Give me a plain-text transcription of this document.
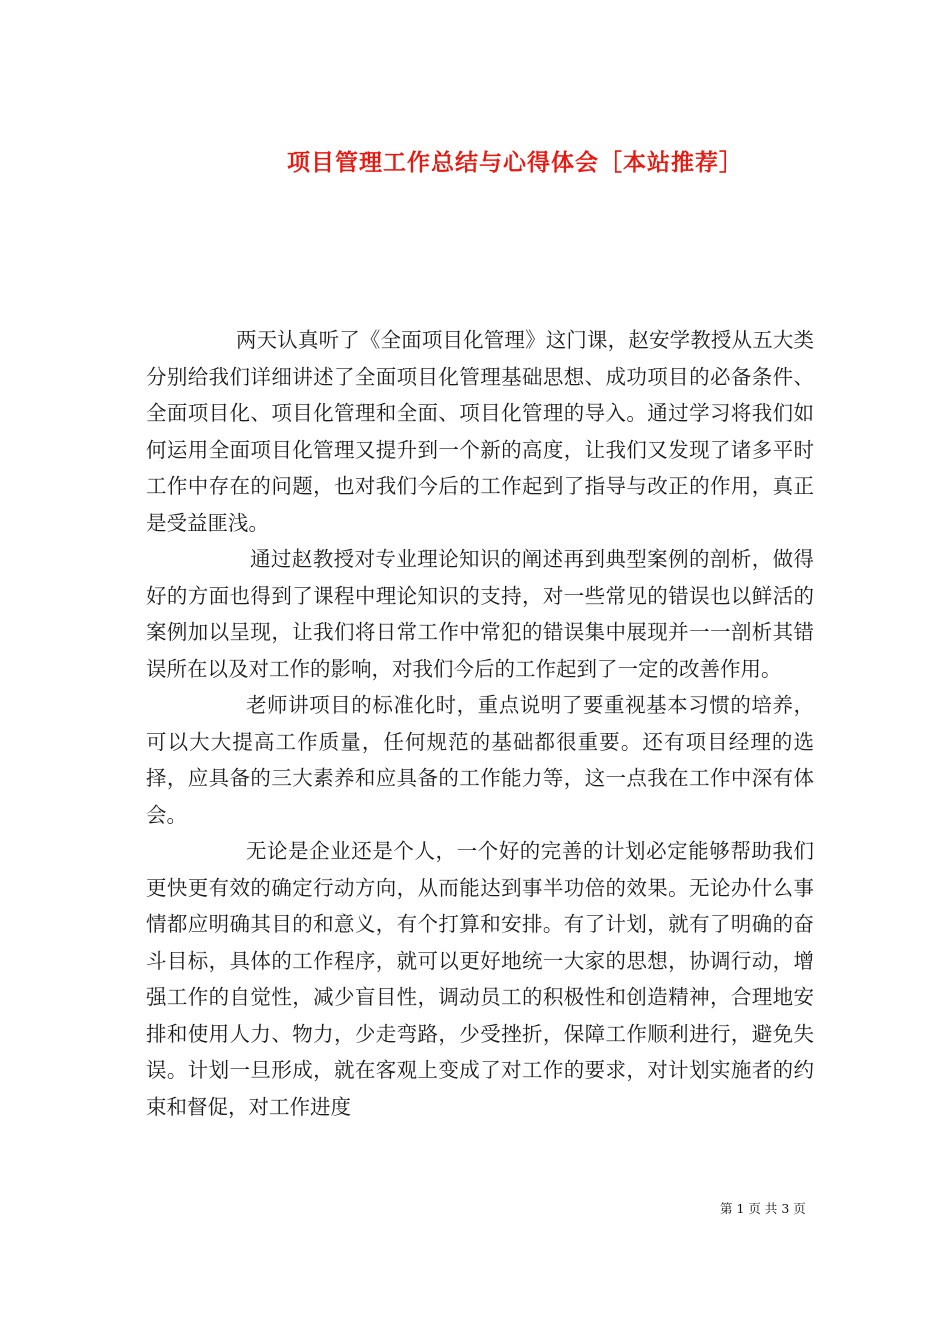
项目管理工作总结与心得体会［本站推荐］

两天认真听了《全面项目化管理》这门课，赵安学教授从五大类分别给我们详细讲述了全面项目化管理基础思想、成功项目的必备条件、全面项目化、项目化管理和全面、项目化管理的导入。通过学习将我们如何运用全面项目化管理又提升到一个新的高度，让我们又发现了诸多平时工作中存在的问题，也对我们今后的工作起到了指导与改正的作用，真正是受益匪浅。

通过赵教授对专业理论知识的阐述再到典型案例的剖析，做得好的方面也得到了课程中理论知识的支持，对一些常见的错误也以鲜活的案例加以呈现，让我们将日常工作中常犯的错误集中展现并一一剖析其错误所在以及对工作的影响，对我们今后的工作起到了一定的改善作用。

老师讲项目的标准化时，重点说明了要重视基本习惯的培养，可以大大提高工作质量，任何规范的基础都很重要。还有项目经理的选择，应具备的三大素养和应具备的工作能力等，这一点我在工作中深有体会。

无论是企业还是个人，一个好的完善的计划必定能够帮助我们更快更有效的确定行动方向，从而能达到事半功倍的效果。无论办什么事情都应明确其目的和意义，有个打算和安排。有了计划，就有了明确的奋斗目标，具体的工作程序，就可以更好地统一大家的思想，协调行动，增强工作的自觉性，减少盲目性，调动员工的积极性和创造精神，合理地安排和使用人力、物力，少走弯路，少受挫折，保障工作顺利进行，避免失误。计划一旦形成，就在客观上变成了对工作的要求，对计划实施者的约束和督促，对工作进度

第 1 页 共 3 页
